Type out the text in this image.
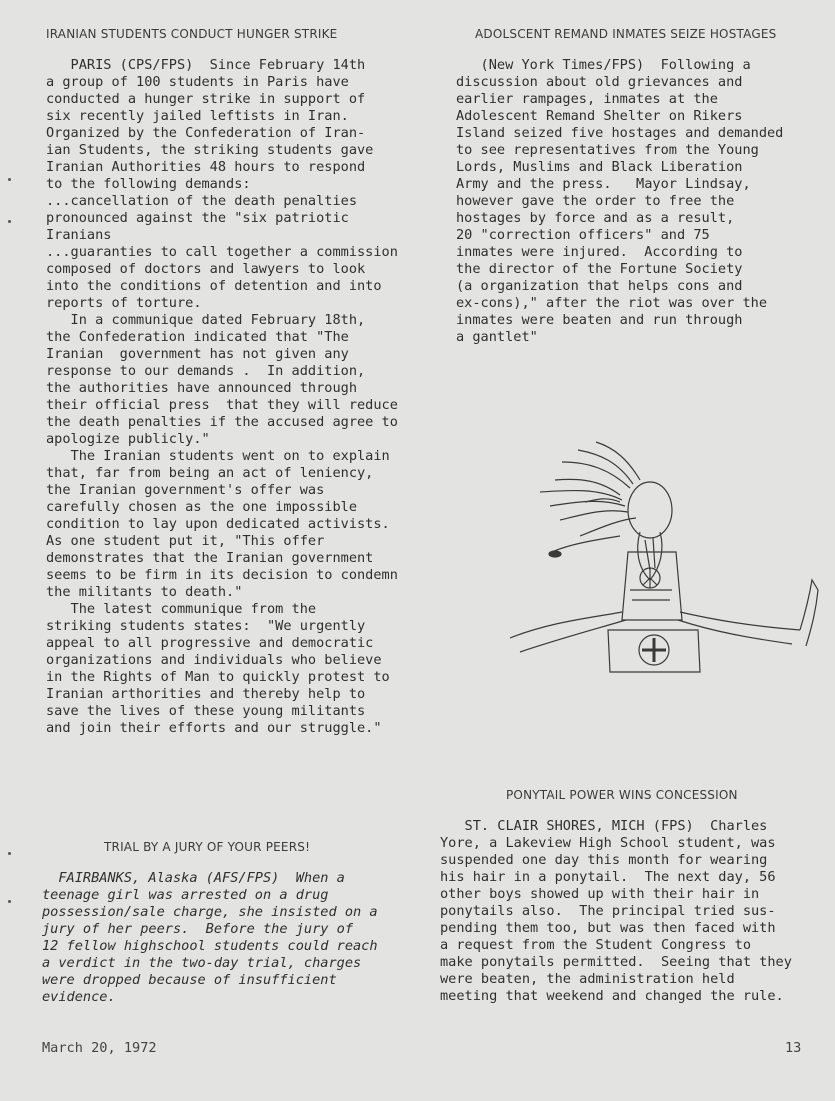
IRANIAN STUDENTS CONDUCT HUNGER STRIKE
PARIS (CPS/FPS)  Since February 14th
a group of 100 students in Paris have
conducted a hunger strike in support of
six recently jailed leftists in Iran.
Organized by the Confederation of Iran-
ian Students, the striking students gave
Iranian Authorities 48 hours to respond
to the following demands:
...cancellation of the death penalties
pronounced against the "six patriotic
Iranians
...guaranties to call together a commission
composed of doctors and lawyers to look
into the conditions of detention and into
reports of torture.
In a communique dated February 18th,
the Confederation indicated that "The
Iranian  government has not given any
response to our demands .  In addition,
the authorities have announced through
their official press  that they will reduce
the death penalties if the accused agree to
apologize publicly."
The Iranian students went on to explain
that, far from being an act of leniency,
the Iranian government's offer was
carefully chosen as the one impossible
condition to lay upon dedicated activists.
As one student put it, "This offer
demonstrates that the Iranian government
seems to be firm in its decision to condemn
the militants to death."
The latest communique from the
striking students states:  "We urgently
appeal to all progressive and democratic
organizations and individuals who believe
in the Rights of Man to quickly protest to
Iranian arthorities and thereby help to
save the lives of these young militants
and join their efforts and our struggle."
ADOLSCENT REMAND INMATES SEIZE HOSTAGES
(New York Times/FPS)  Following a
discussion about old grievances and
earlier rampages, inmates at the
Adolescent Remand Shelter on Rikers
Island seized five hostages and demanded
to see representatives from the Young
Lords, Muslims and Black Liberation
Army and the press.   Mayor Lindsay,
however gave the order to free the
hostages by force and as a result,
20 "correction officers" and 75
inmates were injured.  According to
the director of the Fortune Society
(a organization that helps cons and
ex-cons)," after the riot was over the
inmates were beaten and run through
a gantlet"
TRIAL BY A JURY OF YOUR PEERS!
FAIRBANKS, Alaska (AFS/FPS)  When a
teenage girl was arrested on a drug
possession/sale charge, she insisted on a
jury of her peers.  Before the jury of
12 fellow highschool students could reach
a verdict in the two-day trial, charges
were dropped because of insufficient
evidence.
PONYTAIL POWER WINS CONCESSION
ST. CLAIR SHORES, MICH (FPS)  Charles
Yore, a Lakeview High School student, was
suspended one day this month for wearing
his hair in a ponytail.  The next day, 56
other boys showed up with their hair in
ponytails also.  The principal tried sus-
pending them too, but was then faced with
a request from the Student Congress to
make ponytails permitted.  Seeing that they
were beaten, the administration held
meeting that weekend and changed the rule.
March 20, 1972	13
